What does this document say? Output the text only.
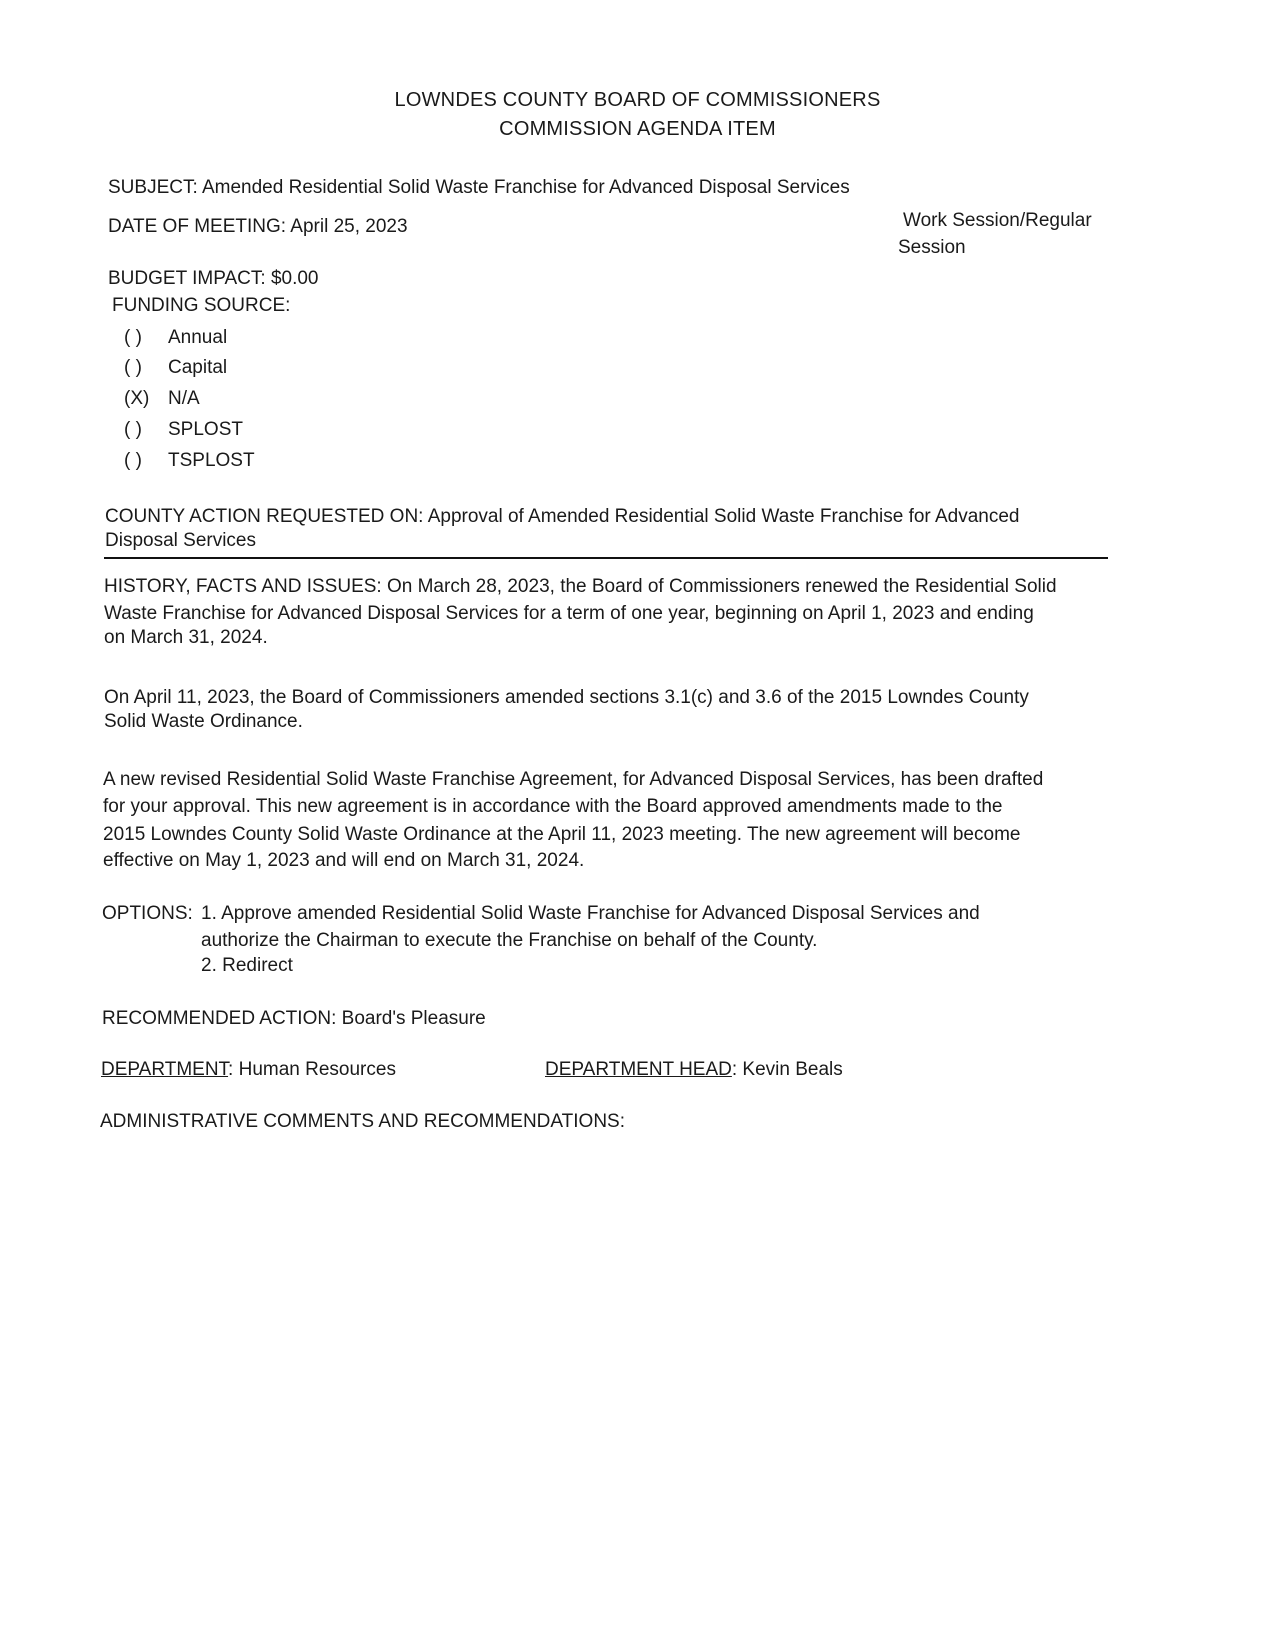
LOWNDES COUNTY BOARD OF COMMISSIONERS
COMMISSION AGENDA ITEM
SUBJECT: Amended Residential Solid Waste Franchise for Advanced Disposal Services
DATE OF MEETING: April 25, 2023	Work Session/Regular
Session
BUDGET IMPACT: $0.00
FUNDING SOURCE:
( ) Annual
( ) Capital
(X) N/A
( ) SPLOST
( ) TSPLOST
COUNTY ACTION REQUESTED ON: Approval of Amended Residential Solid Waste Franchise for Advanced
Disposal Services
HISTORY, FACTS AND ISSUES: On March 28, 2023, the Board of Commissioners renewed the Residential Solid
Waste Franchise for Advanced Disposal Services for a term of one year, beginning on April 1, 2023 and ending
on March 31, 2024.
On April 11, 2023, the Board of Commissioners amended sections 3.1(c) and 3.6 of the 2015 Lowndes County
Solid Waste Ordinance.
A new revised Residential Solid Waste Franchise Agreement, for Advanced Disposal Services, has been drafted
for your approval. This new agreement is in accordance with the Board approved amendments made to the
2015 Lowndes County Solid Waste Ordinance at the April 11, 2023 meeting. The new agreement will become
effective on May 1, 2023 and will end on March 31, 2024.
OPTIONS: 1. Approve amended Residential Solid Waste Franchise for Advanced Disposal Services and
authorize the Chairman to execute the Franchise on behalf of the County.
2. Redirect
RECOMMENDED ACTION: Board's Pleasure
DEPARTMENT: Human Resources	DEPARTMENT HEAD: Kevin Beals
ADMINISTRATIVE COMMENTS AND RECOMMENDATIONS:
